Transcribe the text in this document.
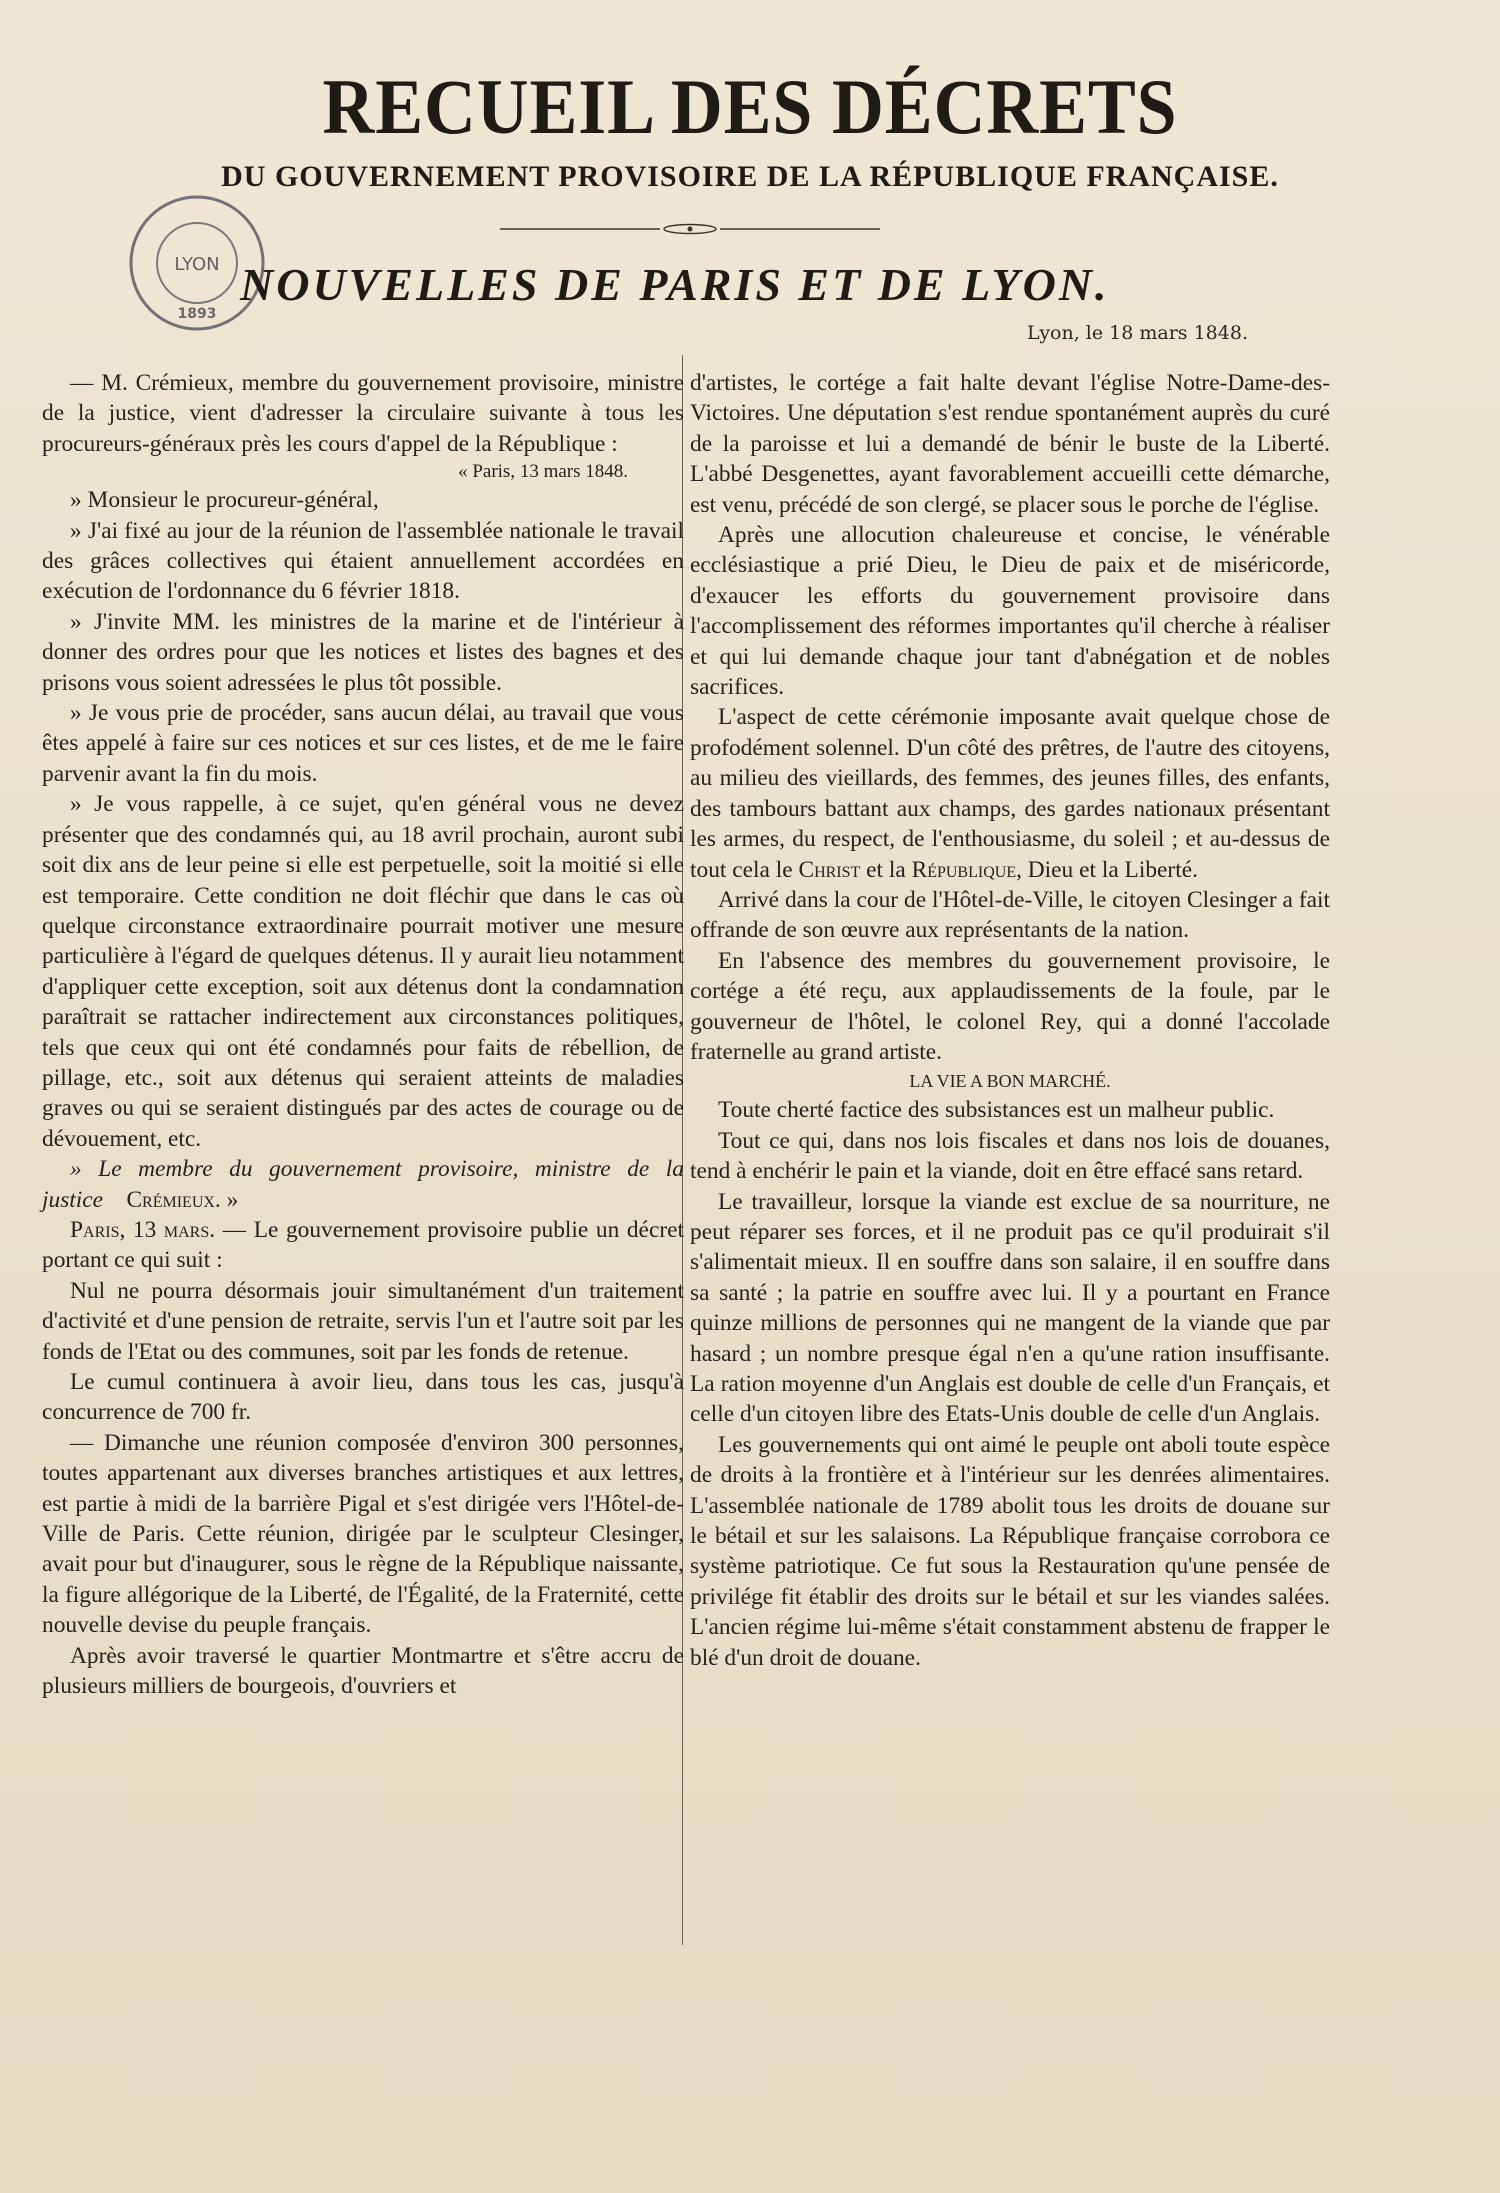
RECUEIL DES DÉCRETS
DU GOUVERNEMENT PROVISOIRE DE LA RÉPUBLIQUE FRANÇAISE.
LYON
1893
NOUVELLES DE PARIS ET DE LYON.
Lyon, le 18 mars 1848.

— M. Crémieux, membre du gouvernement provisoire, ministre de la justice, vient d'adresser la circulaire suivante à tous les procureurs-généraux près les cours d'appel de la République :

« Paris, 13 mars 1848.

» Monsieur le procureur-général,

» J'ai fixé au jour de la réunion de l'assemblée nationale le travail des grâces collectives qui étaient annuellement accordées en exécution de l'ordonnance du 6 février 1818.

» J'invite MM. les ministres de la marine et de l'intérieur à donner des ordres pour que les notices et listes des bagnes et des prisons vous soient adressées le plus tôt possible.

» Je vous prie de procéder, sans aucun délai, au travail que vous êtes appelé à faire sur ces notices et sur ces listes, et de me le faire parvenir avant la fin du mois.

» Je vous rappelle, à ce sujet, qu'en général vous ne devez présenter que des condamnés qui, au 18 avril prochain, auront subi soit dix ans de leur peine si elle est perpetuelle, soit la moitié si elle est temporaire. Cette condition ne doit fléchir que dans le cas où quelque circonstance extraordinaire pourrait motiver une mesure particulière à l'égard de quelques détenus. Il y aurait lieu notamment d'appliquer cette exception, soit aux détenus dont la condamnation paraîtrait se rattacher indirectement aux circonstances politiques, tels que ceux qui ont été condamnés pour faits de rébellion, de pillage, etc., soit aux détenus qui seraient atteints de maladies graves ou qui se seraient distingués par des actes de courage ou de dévouement, etc.

» Le membre du gouvernement provisoire, ministre de la justice Crémieux. »

Paris, 13 mars. — Le gouvernement provisoire publie un décret portant ce qui suit :

Nul ne pourra désormais jouir simultanément d'un traitement d'activité et d'une pension de retraite, servis l'un et l'autre soit par les fonds de l'Etat ou des communes, soit par les fonds de retenue.

Le cumul continuera à avoir lieu, dans tous les cas, jusqu'à concurrence de 700 fr.

— Dimanche une réunion composée d'environ 300 personnes, toutes appartenant aux diverses branches artistiques et aux lettres, est partie à midi de la barrière Pigal et s'est dirigée vers l'Hôtel-de-Ville de Paris. Cette réunion, dirigée par le sculpteur Clesinger, avait pour but d'inaugurer, sous le règne de la République naissante, la figure allégorique de la Liberté, de l'Égalité, de la Fraternité, cette nouvelle devise du peuple français.

Après avoir traversé le quartier Montmartre et s'être accru de plusieurs milliers de bourgeois, d'ouvriers et

d'artistes, le cortége a fait halte devant l'église Notre-Dame-des-Victoires. Une députation s'est rendue spontanément auprès du curé de la paroisse et lui a demandé de bénir le buste de la Liberté. L'abbé Desgenettes, ayant favorablement accueilli cette démarche, est venu, précédé de son clergé, se placer sous le porche de l'église.

Après une allocution chaleureuse et concise, le vénérable ecclésiastique a prié Dieu, le Dieu de paix et de miséricorde, d'exaucer les efforts du gouvernement provisoire dans l'accomplissement des réformes importantes qu'il cherche à réaliser et qui lui demande chaque jour tant d'abnégation et de nobles sacrifices.

L'aspect de cette cérémonie imposante avait quelque chose de profodément solennel. D'un côté des prêtres, de l'autre des citoyens, au milieu des vieillards, des femmes, des jeunes filles, des enfants, des tambours battant aux champs, des gardes nationaux présentant les armes, du respect, de l'enthousiasme, du soleil ; et au-dessus de tout cela le Christ et la République, Dieu et la Liberté.

Arrivé dans la cour de l'Hôtel-de-Ville, le citoyen Clesinger a fait offrande de son œuvre aux représentants de la nation.

En l'absence des membres du gouvernement provisoire, le cortége a été reçu, aux applaudissements de la foule, par le gouverneur de l'hôtel, le colonel Rey, qui a donné l'accolade fraternelle au grand artiste.

LA VIE A BON MARCHÉ.

Toute cherté factice des subsistances est un malheur public.

Tout ce qui, dans nos lois fiscales et dans nos lois de douanes, tend à enchérir le pain et la viande, doit en être effacé sans retard.

Le travailleur, lorsque la viande est exclue de sa nourriture, ne peut réparer ses forces, et il ne produit pas ce qu'il produirait s'il s'alimentait mieux. Il en souffre dans son salaire, il en souffre dans sa santé ; la patrie en souffre avec lui. Il y a pourtant en France quinze millions de personnes qui ne mangent de la viande que par hasard ; un nombre presque égal n'en a qu'une ration insuffisante. La ration moyenne d'un Anglais est double de celle d'un Français, et celle d'un citoyen libre des Etats-Unis double de celle d'un Anglais.

Les gouvernements qui ont aimé le peuple ont aboli toute espèce de droits à la frontière et à l'intérieur sur les denrées alimentaires. L'assemblée nationale de 1789 abolit tous les droits de douane sur le bétail et sur les salaisons. La République française corrobora ce système patriotique. Ce fut sous la Restauration qu'une pensée de privilége fit établir des droits sur le bétail et sur les viandes salées. L'ancien régime lui-même s'était constamment abstenu de frapper le blé d'un droit de douane.
